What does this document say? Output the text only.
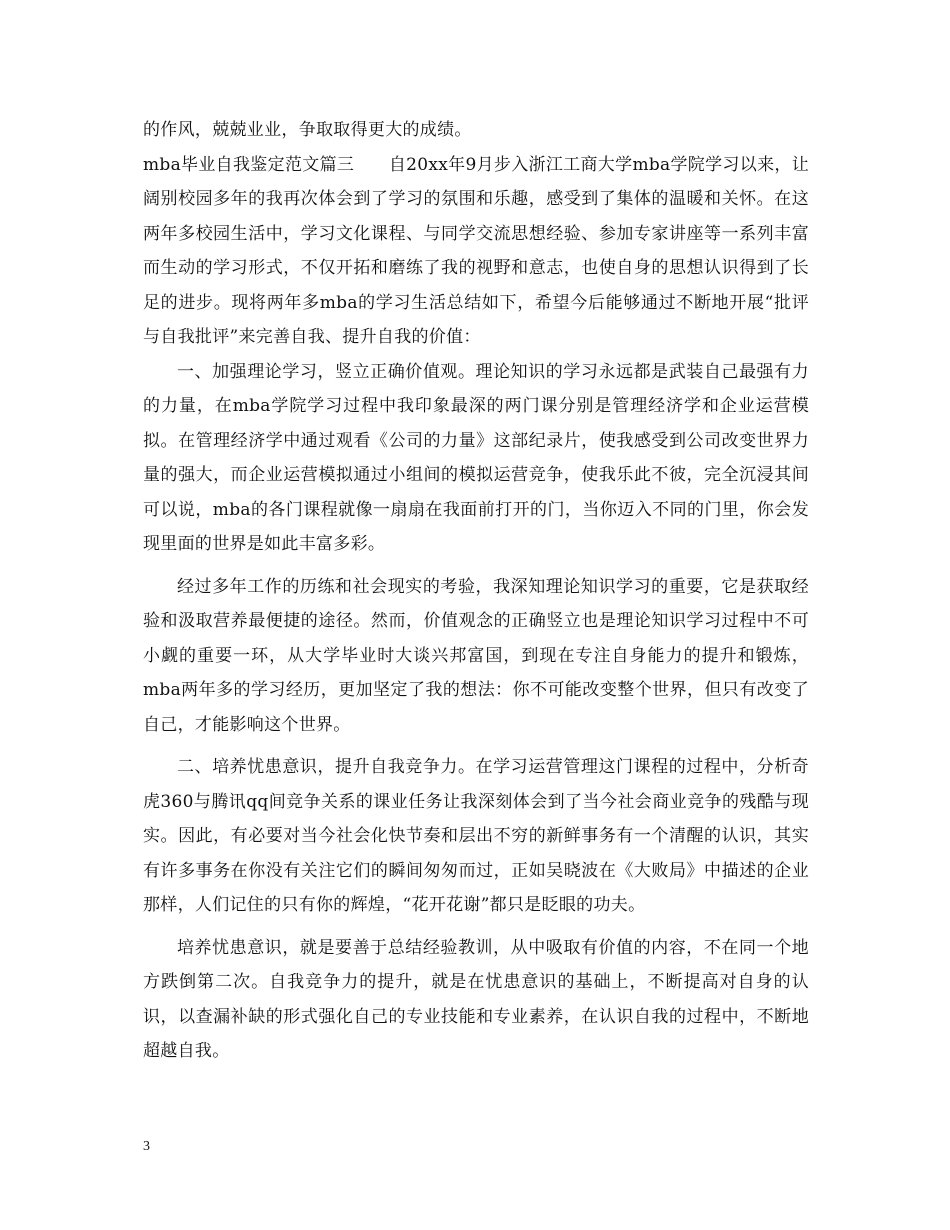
的作风，兢兢业业，争取取得更大的成绩。

mba毕业自我鉴定范文篇三　　自20xx年9月步入浙江工商大学mba学院学习以来，让阔别校园多年的我再次体会到了学习的氛围和乐趣，感受到了集体的温暖和关怀。在这两年多校园生活中，学习文化课程、与同学交流思想经验、参加专家讲座等一系列丰富而生动的学习形式，不仅开拓和磨练了我的视野和意志，也使自身的思想认识得到了长足的进步。现将两年多mba的学习生活总结如下，希望今后能够通过不断地开展“批评与自我批评”来完善自我、提升自我的价值：

一、加强理论学习，竖立正确价值观。理论知识的学习永远都是武装自己最强有力的力量，在mba学院学习过程中我印象最深的两门课分别是管理经济学和企业运营模拟。在管理经济学中通过观看《公司的力量》这部纪录片，使我感受到公司改变世界力量的强大，而企业运营模拟通过小组间的模拟运营竞争，使我乐此不彼，完全沉浸其间可以说，mba的各门课程就像一扇扇在我面前打开的门，当你迈入不同的门里，你会发现里面的世界是如此丰富多彩。

经过多年工作的历练和社会现实的考验，我深知理论知识学习的重要，它是获取经验和汲取营养最便捷的途径。然而，价值观念的正确竖立也是理论知识学习过程中不可小觑的重要一环，从大学毕业时大谈兴邦富国，到现在专注自身能力的提升和锻炼，mba两年多的学习经历，更加坚定了我的想法：你不可能改变整个世界，但只有改变了自己，才能影响这个世界。

二、培养忧患意识，提升自我竞争力。在学习运营管理这门课程的过程中，分析奇虎360与腾讯qq间竞争关系的课业任务让我深刻体会到了当今社会商业竞争的残酷与现实。因此，有必要对当今社会化快节奏和层出不穷的新鲜事务有一个清醒的认识，其实有许多事务在你没有关注它们的瞬间匆匆而过，正如吴晓波在《大败局》中描述的企业那样，人们记住的只有你的辉煌，“花开花谢”都只是眨眼的功夫。

培养忧患意识，就是要善于总结经验教训，从中吸取有价值的内容，不在同一个地方跌倒第二次。自我竞争力的提升，就是在忧患意识的基础上，不断提高对自身的认识，以查漏补缺的形式强化自己的专业技能和专业素养，在认识自我的过程中，不断地超越自我。

3
